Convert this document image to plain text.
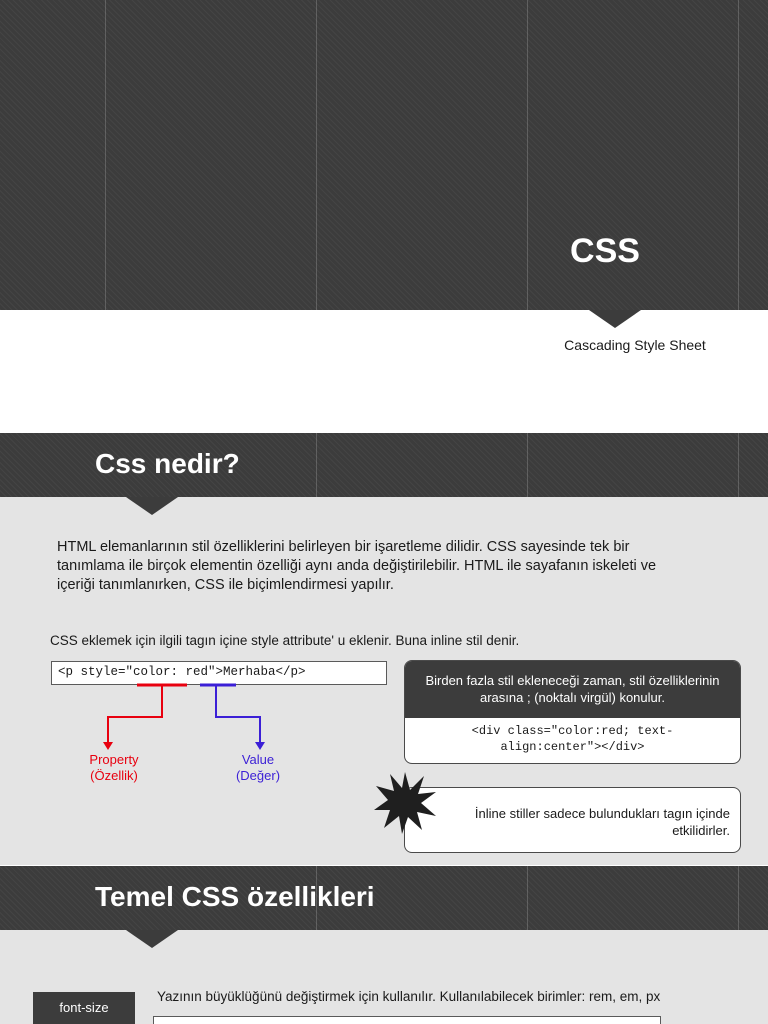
CSS
Cascading Style Sheet
Css nedir?
HTML elemanlarının stil özelliklerini belirleyen bir işaretleme dilidir. CSS sayesinde tek bir tanımlama ile birçok elementin özelliği aynı anda değiştirilebilir. HTML ile sayafanın iskeleti ve içeriği tanımlanırken, CSS ile biçimlendirmesi yapılır.
CSS eklemek için ilgili tagın içine style attribute' u eklenir. Buna inline stil denir.
<p style="color: red">Merhaba</p>
Property (Özellik)
Value (Değer)
Birden fazla stil ekleneceği zaman, stil özelliklerinin arasına ; (noktalı virgül) konulur.
<div class="color:red; text-align:center"></div>
İnline stiller sadece bulundukları tagın içinde etkilidirler.
Temel CSS özellikleri
font-size
Yazının büyüklüğünü değiştirmek için kullanılır. Kullanılabilecek birimler: rem, em, px
